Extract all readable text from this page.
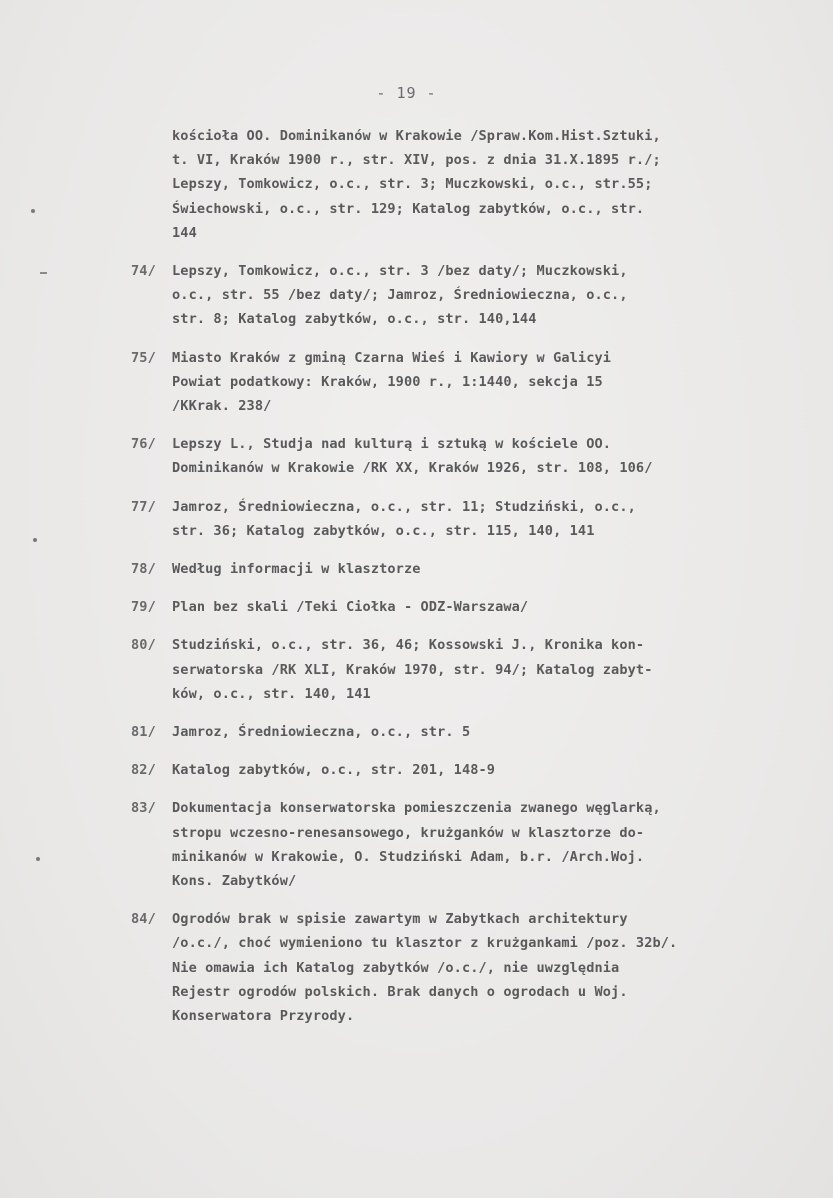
- 19 -
kościoła OO. Dominikanów w Krakowie /Spraw.Kom.Hist.Sztuki,
t. VI, Kraków 1900 r., str. XIV, pos. z dnia 31.X.1895 r./;
Lepszy, Tomkowicz, o.c., str. 3; Muczkowski, o.c., str.55;
Świechowski, o.c., str. 129; Katalog zabytków, o.c., str.
144
74/	Lepszy, Tomkowicz, o.c., str. 3 /bez daty/; Muczkowski,
o.c., str. 55 /bez daty/; Jamroz, Średniowieczna, o.c.,
str. 8; Katalog zabytków, o.c., str. 140,144
75/	Miasto Kraków z gminą Czarna Wieś i Kawiory w Galicyi
Powiat podatkowy: Kraków, 1900 r., 1:1440, sekcja 15
/KKrak. 238/
76/	Lepszy L., Studja nad kulturą i sztuką w kościele OO.
Dominikanów w Krakowie /RK XX, Kraków 1926, str. 108, 106/
77/	Jamroz, Średniowieczna, o.c., str. 11; Studziński, o.c.,
str. 36; Katalog zabytków, o.c., str. 115, 140, 141
78/	Według informacji w klasztorze
79/	Plan bez skali /Teki Ciołka - ODZ-Warszawa/
80/	Studziński, o.c., str. 36, 46; Kossowski J., Kronika kon-
serwatorska /RK XLI, Kraków 1970, str. 94/; Katalog zabyt-
ków, o.c., str. 140, 141
81/	Jamroz, Średniowieczna, o.c., str. 5
82/	Katalog zabytków, o.c., str. 201, 148-9
83/	Dokumentacja konserwatorska pomieszczenia zwanego węglarką,
stropu wczesno-renesansowego, krużganków w klasztorze do-
minikanów w Krakowie, O. Studziński Adam, b.r. /Arch.Woj.
Kons. Zabytków/
84/	Ogrodów brak w spisie zawartym w Zabytkach architektury
/o.c./, choć wymieniono tu klasztor z krużgankami /poz. 32b/.
Nie omawia ich Katalog zabytków /o.c./, nie uwzględnia
Rejestr ogrodów polskich. Brak danych o ogrodach u Woj.
Konserwatora Przyrody.
